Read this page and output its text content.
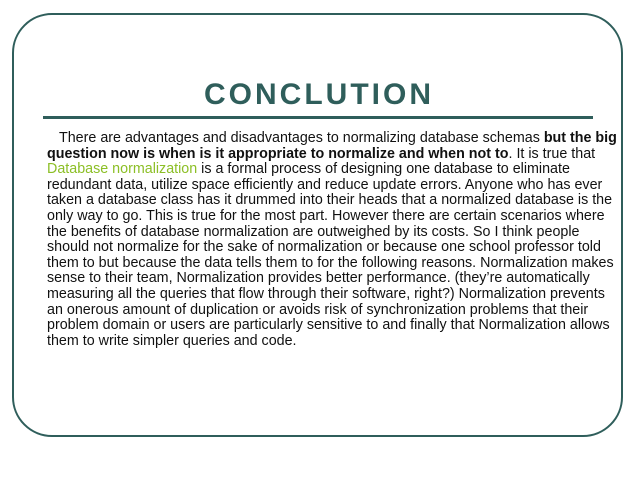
CONCLUTION

There are advantages and disadvantages to normalizing database schemas but the big question now is when is it appropriate to normalize and when not to. It is true that Database normalization is a formal process of designing one database to eliminate redundant data, utilize space efficiently and reduce update errors. Anyone who has ever taken a database class has it drummed into their heads that a normalized database is the only way to go. This is true for the most part. However there are certain scenarios where the benefits of database normalization are outweighed by its costs. So I think people should not normalize for the sake of normalization or because one school professor told them to but because the data tells them to for the following reasons. Normalization makes sense to their team, Normalization provides better performance. (they’re automatically measuring all the queries that flow through their software, right?) Normalization prevents an onerous amount of duplication or avoids risk of synchronization problems that their problem domain or users are particularly sensitive to and finally that Normalization allows them to write simpler queries and code.
